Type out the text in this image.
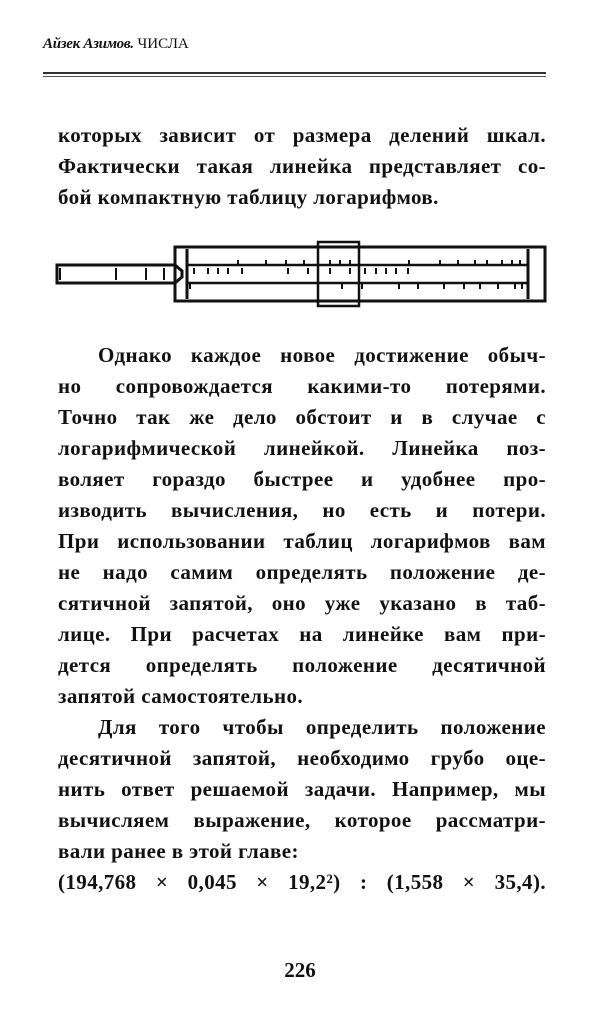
Айзек Азимов. ЧИСЛА
которых зависит от размера делений шкал.
Фактически такая линейка представляет со-
бой компактную таблицу логарифмов.
Однако каждое новое достижение обыч-
но сопровождается какими-то потерями.
Точно так же дело обстоит и в случае с
логарифмической линейкой. Линейка поз-
воляет гораздо быстрее и удобнее про-
изводить вычисления, но есть и потери.
При использовании таблиц логарифмов вам
не надо самим определять положение де-
сятичной запятой, оно уже указано в таб-
лице. При расчетах на линейке вам при-
дется определять положение десятичной
запятой самостоятельно.
Для того чтобы определить положение
десятичной запятой, необходимо грубо оце-
нить ответ решаемой задачи. Например, мы
вычисляем выражение, которое рассматри-
вали ранее в этой главе:
(194,768 × 0,045 × 19,2²) : (1,558 × 35,4).
226
